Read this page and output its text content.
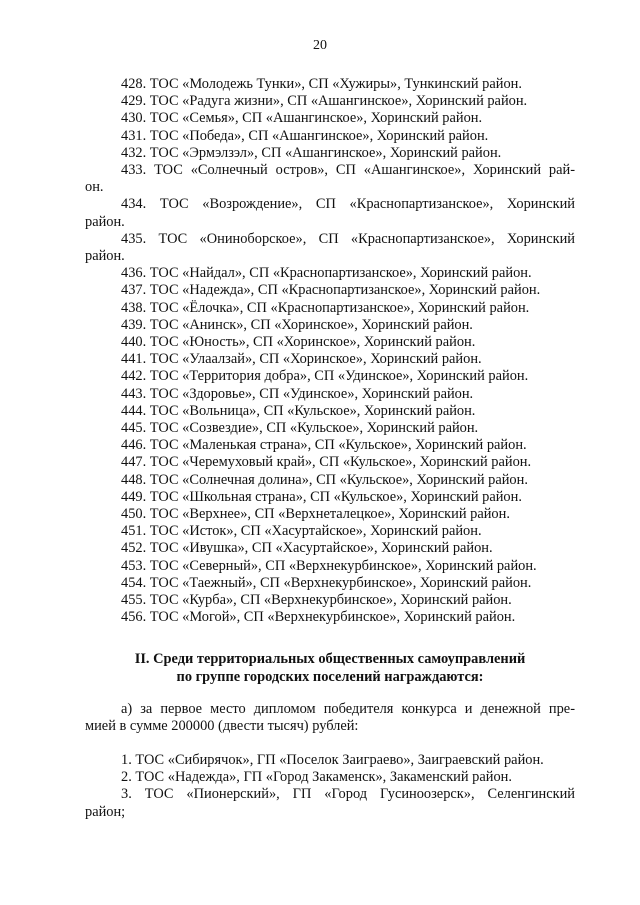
20
428. ТОС «Молодежь Тунки», СП «Хужиры», Тункинский район.
429. ТОС «Радуга жизни», СП «Ашангинское», Хоринский район.
430. ТОС «Семья», СП «Ашангинское», Хоринский район.
431. ТОС «Победа», СП «Ашангинское», Хоринский район.
432. ТОС «Эрмэлзэл», СП «Ашангинское», Хоринский район.
433. ТОС «Солнечный остров», СП «Ашангинское», Хоринский рай-
он.
434. ТОС «Возрождение», СП «Краснопартизанское», Хоринский
район.
435. ТОС «Онинoборское», СП «Краснопартизанское», Хоринский
район.
436. ТОС «Найдал», СП «Краснопартизанское», Хоринский район.
437. ТОС «Надежда», СП «Краснопартизанское», Хоринский район.
438. ТОС «Ёлочка», СП «Краснопартизанское», Хоринский район.
439. ТОС «Анинск», СП «Хоринское», Хоринский район.
440. ТОС «Юность», СП «Хоринское», Хоринский район.
441. ТОС «Улаалзай», СП «Хоринское», Хоринский район.
442. ТОС «Территория добра», СП «Удинское», Хоринский район.
443. ТОС «Здоровье», СП «Удинское», Хоринский район.
444. ТОС «Вольница», СП «Кульское», Хоринский район.
445. ТОС «Созвездие», СП «Кульское», Хоринский район.
446. ТОС «Маленькая страна», СП «Кульское», Хоринский район.
447. ТОС «Черемуховый край», СП «Кульское», Хоринский район.
448. ТОС «Солнечная долина», СП «Кульское», Хоринский район.
449. ТОС «Школьная страна», СП «Кульское», Хоринский район.
450. ТОС «Верхнее», СП «Верхнеталецкое», Хоринский район.
451. ТОС «Исток», СП «Хасуртайское», Хоринский район.
452. ТОС «Ивушка», СП «Хасуртайское», Хоринский район.
453. ТОС «Северный», СП «Верхнекурбинское», Хоринский район.
454. ТОС «Таежный», СП «Верхнекурбинское», Хоринский район.
455. ТОС «Курба», СП «Верхнекурбинское», Хоринский район.
456. ТОС «Могой», СП «Верхнекурбинское», Хоринский район.
II. Среди территориальных общественных самоуправлений
по группе городских поселений награждаются:
а) за первое место дипломом победителя конкурса и денежной пре-
мией в сумме 200000 (двести тысяч) рублей:
1. ТОС «Сибирячок», ГП «Поселок Заиграево», Заиграевский район.
2. ТОС «Надежда», ГП «Город Закаменск», Закаменский район.
3. ТОС «Пионерский», ГП «Город Гусиноозерск», Селенгинский
район;
